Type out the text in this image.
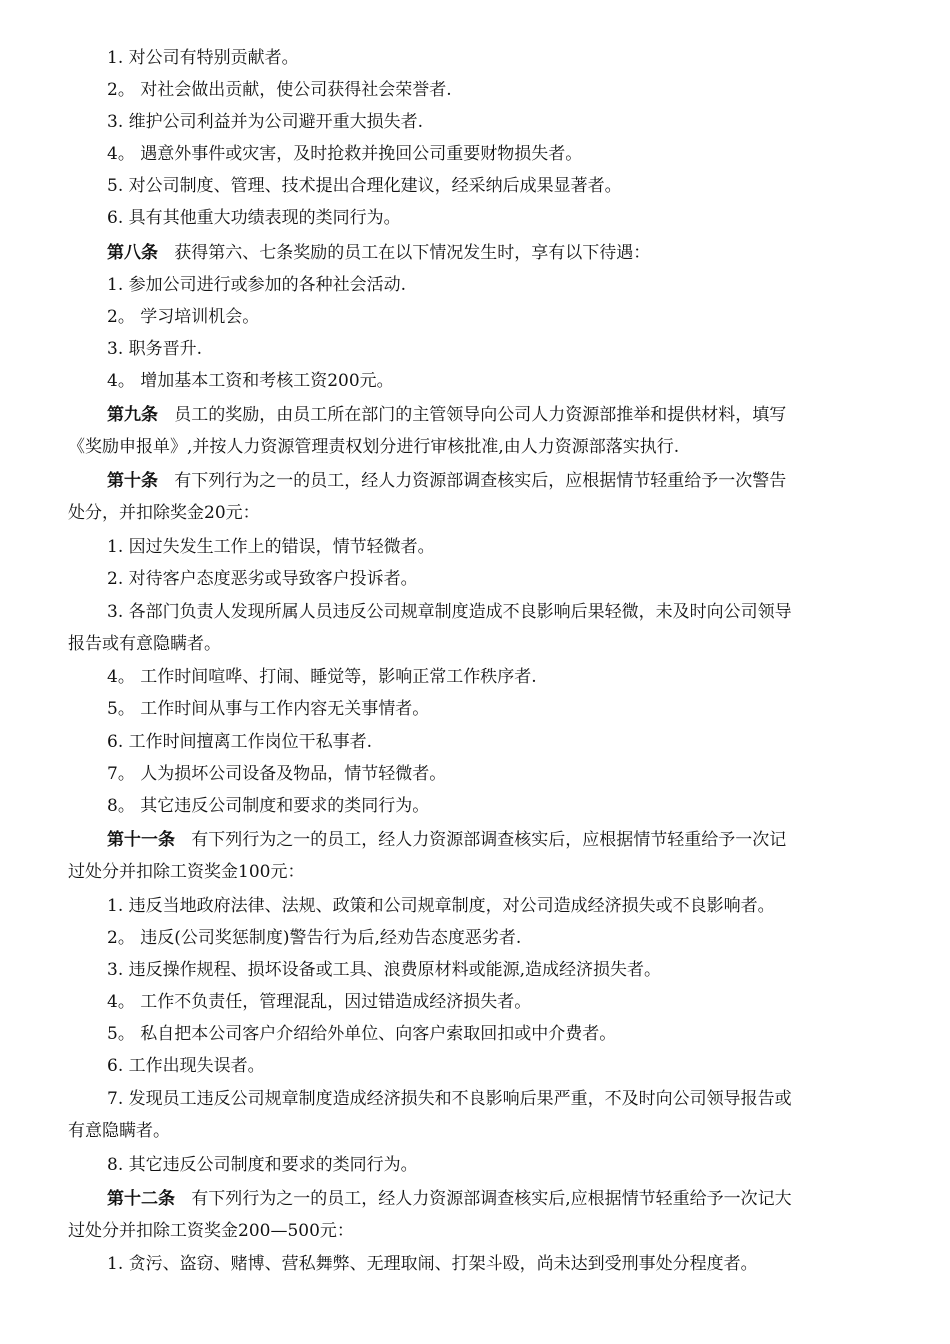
1. 对公司有特别贡献者。
2。 对社会做出贡献，使公司获得社会荣誉者.
3. 维护公司利益并为公司避开重大损失者.
4。 遇意外事件或灾害，及时抢救并挽回公司重要财物损失者。
5. 对公司制度、管理、技术提出合理化建议，经采纳后成果显著者。
6. 具有其他重大功绩表现的类同行为。
第八条 获得第六、七条奖励的员工在以下情况发生时，享有以下待遇：
1. 参加公司进行或参加的各种社会活动.
2。 学习培训机会。
3. 职务晋升.
4。 增加基本工资和考核工资200元。
第九条 员工的奖励，由员工所在部门的主管领导向公司人力资源部推举和提供材料，填写
《奖励申报单》,并按人力资源管理责权划分进行审核批准,由人力资源部落实执行.
第十条 有下列行为之一的员工，经人力资源部调查核实后，应根据情节轻重给予一次警告
处分，并扣除奖金20元：
1. 因过失发生工作上的错误，情节轻微者。
2. 对待客户态度恶劣或导致客户投诉者。
3. 各部门负责人发现所属人员违反公司规章制度造成不良影响后果轻微，未及时向公司领导
报告或有意隐瞒者。
4。 工作时间喧哗、打闹、睡觉等，影响正常工作秩序者.
5。 工作时间从事与工作内容无关事情者。
6. 工作时间擅离工作岗位干私事者.
7。 人为损坏公司设备及物品，情节轻微者。
8。 其它违反公司制度和要求的类同行为。
第十一条 有下列行为之一的员工，经人力资源部调查核实后，应根据情节轻重给予一次记
过处分并扣除工资奖金100元：
1. 违反当地政府法律、法规、政策和公司规章制度，对公司造成经济损失或不良影响者。
2。 违反(公司奖惩制度)警告行为后,经劝告态度恶劣者.
3. 违反操作规程、损坏设备或工具、浪费原材料或能源,造成经济损失者。
4。 工作不负责任，管理混乱，因过错造成经济损失者。
5。 私自把本公司客户介绍给外单位、向客户索取回扣或中介费者。
6. 工作出现失误者。
7. 发现员工违反公司规章制度造成经济损失和不良影响后果严重，不及时向公司领导报告或
有意隐瞒者。
8. 其它违反公司制度和要求的类同行为。
第十二条 有下列行为之一的员工，经人力资源部调查核实后,应根据情节轻重给予一次记大
过处分并扣除工资奖金200—500元：
1. 贪污、盗窃、赌博、营私舞弊、无理取闹、打架斗殴，尚未达到受刑事处分程度者。
